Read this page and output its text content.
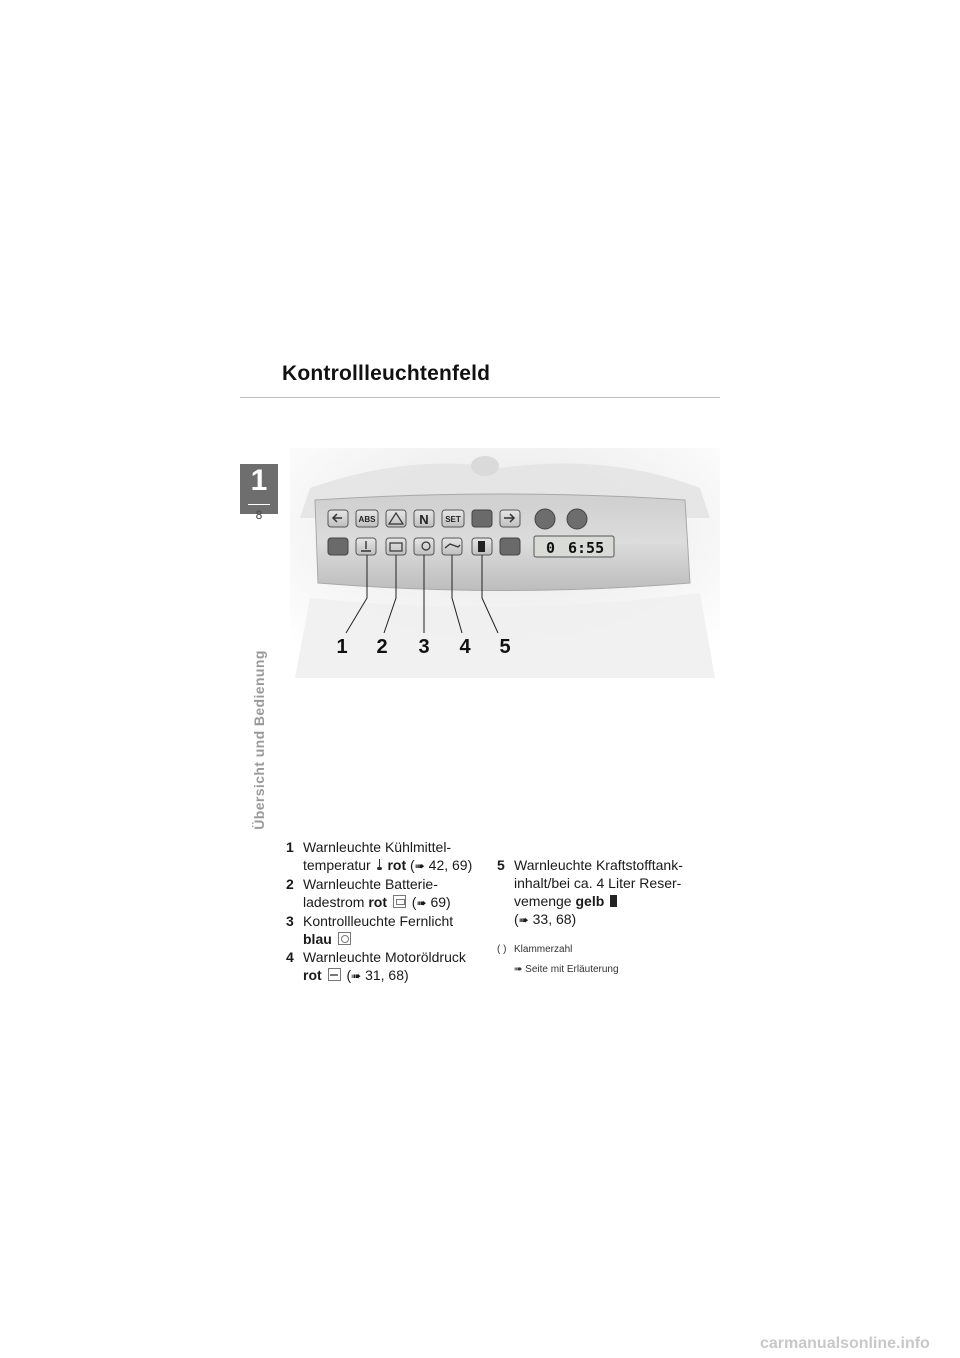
Kontrollleuchtenfeld
1
8
Übersicht und Bedienung
ABS	N SET
0 6:55
1 2 3 4 5
1 Warnleuchte Kühlmittel-
temperatur rot (➠ 42, 69)
2 Warnleuchte Batterie-
ladestrom rot  (➠ 69)
3 Kontrollleuchte Fernlicht
blau
4 Warnleuchte Motoröldruck
rot  (➠ 31, 68)
5 Warnleuchte Kraftstofftank-
inhalt/bei ca. 4 Liter Reser-
vemenge gelb
(➠ 33, 68)
( ) Klammerzahl
➠ Seite mit Erläuterung
carmanualsonline.info
